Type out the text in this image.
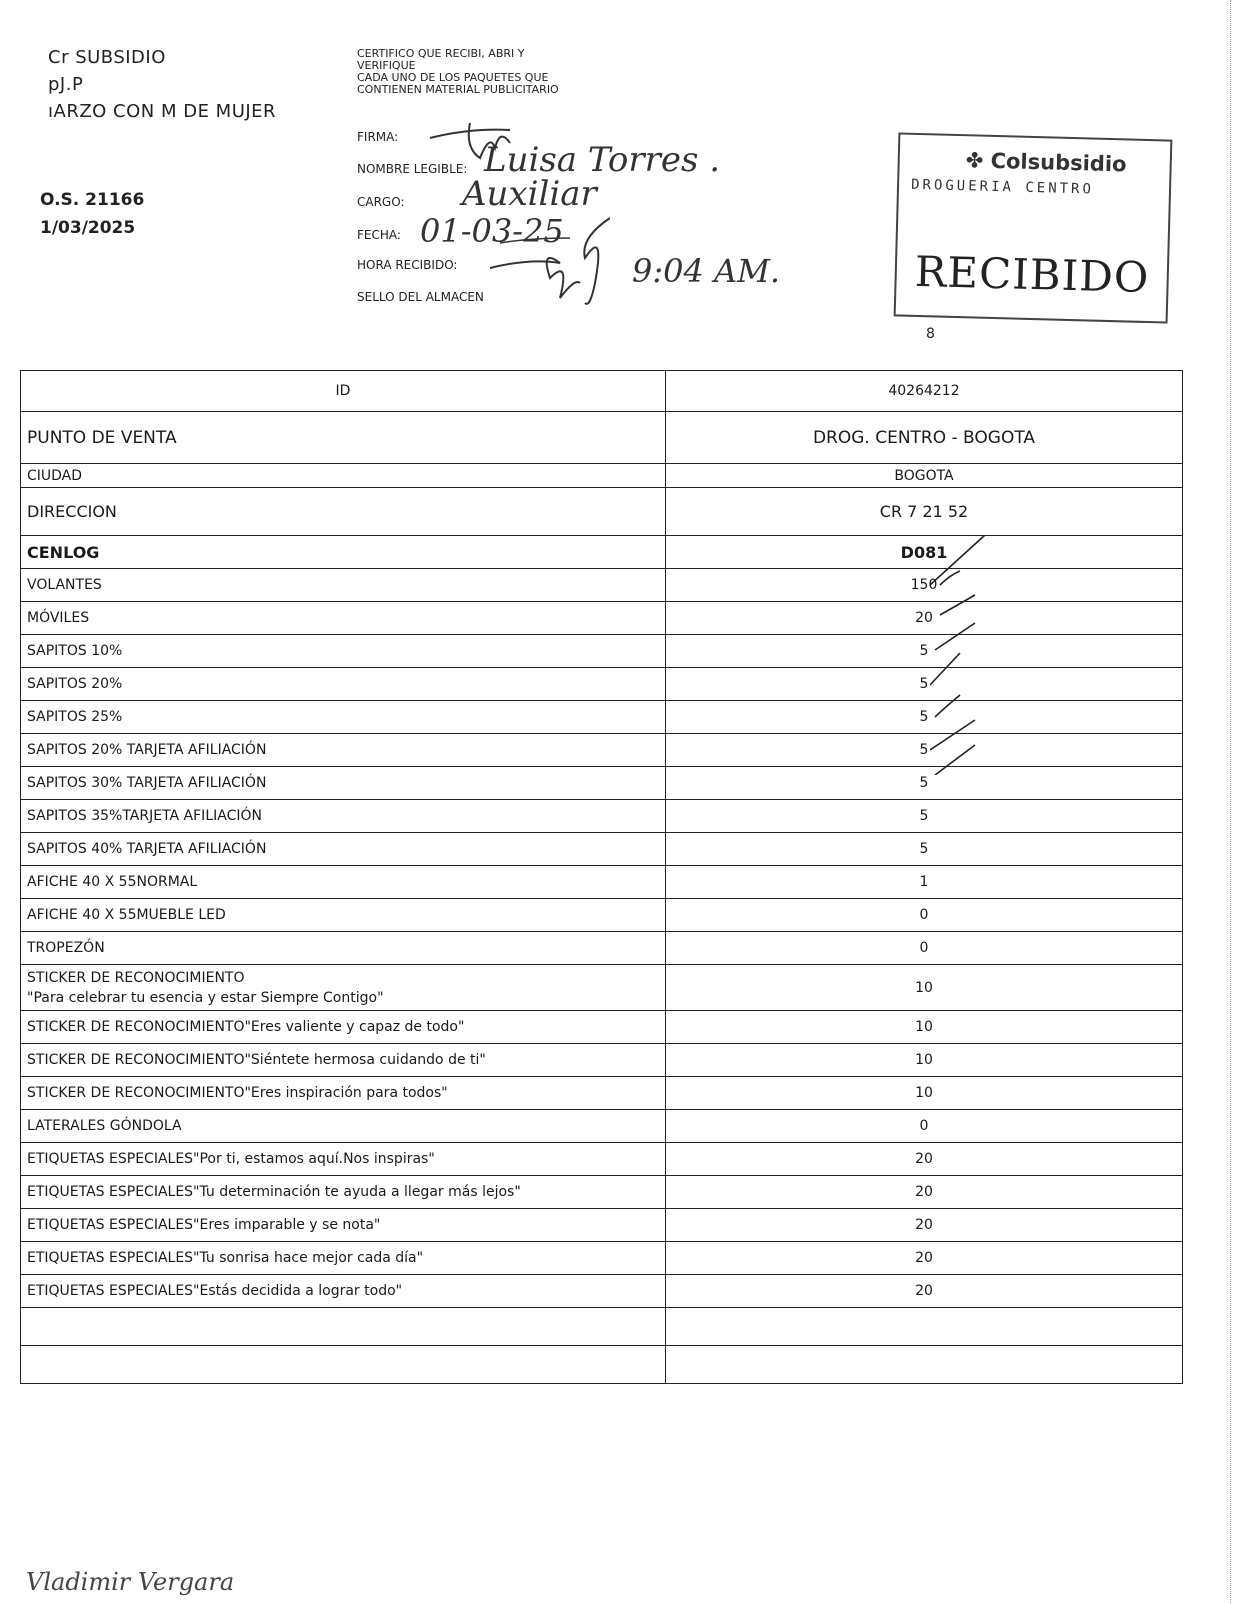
Cr SUBSIDIO
pJ.P
ıARZO CON M DE MUJER
O.S. 21166
1/03/2025
CERTIFICO QUE RECIBI, ABRI Y
VERIFIQUE
CADA UNO DE LOS PAQUETES QUE
CONTIENEN MATERIAL PUBLICITARIO
FIRMA:
NOMBRE LEGIBLE:
CARGO:
FECHA:
HORA RECIBIDO:
SELLO DEL ALMACEN
Luisa Torres .
Auxiliar
01-03-25
9:04 AM.
✤ Colsubsidio
DROGUERIA CENTRO
RECIBIDO
8
ID	40264212
PUNTO DE VENTA	DROG. CENTRO - BOGOTA
CIUDAD	BOGOTA
DIRECCION	CR 7 21 52
CENLOG	D081
VOLANTES	150
MÓVILES	20
SAPITOS 10%	5
SAPITOS 20%	5
SAPITOS 25%	5
SAPITOS 20% TARJETA AFILIACIÓN	5
SAPITOS 30% TARJETA AFILIACIÓN	5
SAPITOS 35%TARJETA AFILIACIÓN	5
SAPITOS 40% TARJETA AFILIACIÓN	5
AFICHE 40 X 55NORMAL	1
AFICHE 40 X 55MUEBLE LED	0
TROPEZÓN	0

STICKER DE RECONOCIMIENTO
"Para celebrar tu esencia y estar Siempre Contigo"	10
STICKER DE RECONOCIMIENTO"Eres valiente y capaz de todo"	10
STICKER DE RECONOCIMIENTO"Siéntete hermosa cuidando de ti"	10
STICKER DE RECONOCIMIENTO"Eres inspiración para todos"	10
LATERALES GÓNDOLA	0
ETIQUETAS ESPECIALES"Por ti, estamos aquí.Nos inspiras"	20
ETIQUETAS ESPECIALES"Tu determinación te ayuda a llegar más lejos"	20
ETIQUETAS ESPECIALES"Eres imparable y se nota"	20
ETIQUETAS ESPECIALES"Tu sonrisa hace mejor cada día"	20
ETIQUETAS ESPECIALES"Estás decidida a lograr todo"	20

Vladimir Vergara
